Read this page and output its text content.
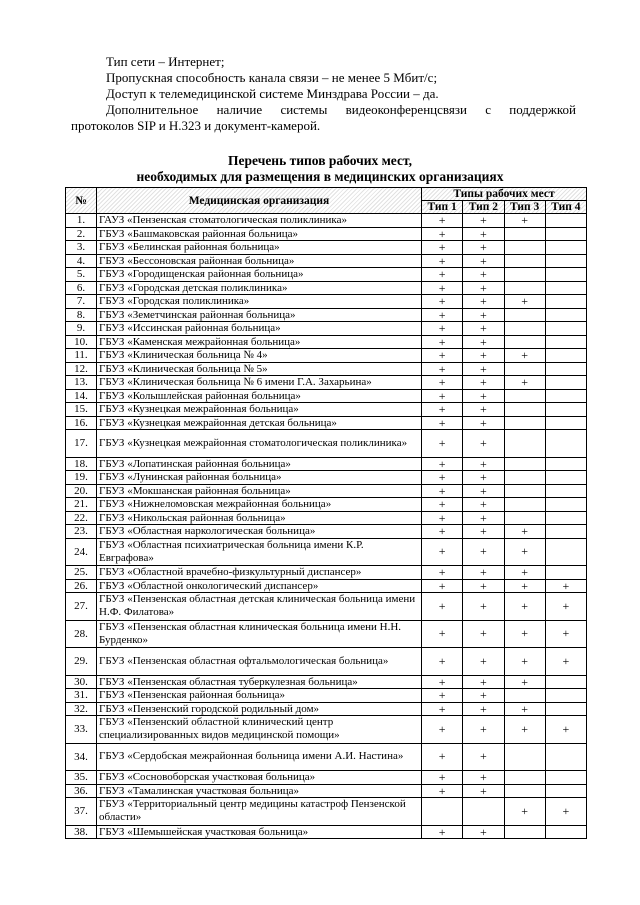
Тип сети – Интернет;
Пропускная способность канала связи – не менее 5 Мбит/с;
Доступ к телемедицинской системе Минздрава России – да.
Дополнительное наличие системы видеоконференцсвязи с поддержкой
протоколов SIP и H.323 и документ-камерой.
Перечень типов рабочих мест,
необходимых для размещения в медицинских организациях
№	Медицинская организация	Типы рабочих мест			
		Тип 1	Тип 2	Тип 3	Тип 4
1.	ГАУЗ «Пензенская стоматологическая поликлиника»	+	+	+	
2.	ГБУЗ «Башмаковская районная больница»	+	+		
3.	ГБУЗ «Белинская районная больница»	+	+		
4.	ГБУЗ «Бессоновская районная больница»	+	+		
5.	ГБУЗ «Городищенская районная больница»	+	+		
6.	ГБУЗ «Городская детская поликлиника»	+	+		
7.	ГБУЗ «Городская поликлиника»	+	+	+	
8.	ГБУЗ «Земетчинская районная больница»	+	+		
9.	ГБУЗ «Иссинская районная больница»	+	+		
10.	ГБУЗ «Каменская межрайонная больница»	+	+		
11.	ГБУЗ «Клиническая больница № 4»	+	+	+	
12.	ГБУЗ «Клиническая больница № 5»	+	+		
13.	ГБУЗ «Клиническая больница № 6 имени Г.А. Захарьина»	+	+	+	
14.	ГБУЗ «Колышлейская районная больница»	+	+		
15.	ГБУЗ «Кузнецкая межрайонная больница»	+	+		
16.	ГБУЗ «Кузнецкая межрайонная детская больница»	+	+		
17.	ГБУЗ «Кузнецкая межрайонная стоматологическая поликлиника»	+	+		
18.	ГБУЗ «Лопатинская районная больница»	+	+		
19.	ГБУЗ «Лунинская районная больница»	+	+		
20.	ГБУЗ «Мокшанская районная больница»	+	+		
21.	ГБУЗ «Нижнеломовская межрайонная больница»	+	+		
22.	ГБУЗ «Никольская районная больница»	+	+		
23.	ГБУЗ «Областная наркологическая больница»	+	+	+	
24.	ГБУЗ «Областная психиатрическая больница имени К.Р. Евграфова»	+	+	+	
25.	ГБУЗ «Областной врачебно-физкультурный диспансер»	+	+	+	
26.	ГБУЗ «Областной онкологический диспансер»	+	+	+	+
27.	ГБУЗ «Пензенская областная детская клиническая больница имени Н.Ф. Филатова»	+	+	+	+
28.	ГБУЗ «Пензенская областная клиническая больница имени Н.Н. Бурденко»	+	+	+	+
29.	ГБУЗ «Пензенская областная офтальмологическая больница»	+	+	+	+
30.	ГБУЗ «Пензенская областная туберкулезная больница»	+	+	+	
31.	ГБУЗ «Пензенская районная больница»	+	+		
32.	ГБУЗ «Пензенский городской родильный дом»	+	+	+	
33.	ГБУЗ «Пензенский областной клинический центр специализированных видов медицинской помощи»	+	+	+	+
34.	ГБУЗ «Сердобская межрайонная больница имени А.И. Настина»	+	+		
35.	ГБУЗ «Сосновоборская участковая больница»	+	+		
36.	ГБУЗ «Тамалинская участковая больница»	+	+		
37.	ГБУЗ «Территориальный центр медицины катастроф Пензенской области»			+	+
38.	ГБУЗ «Шемышейская участковая больница»	+	+		
